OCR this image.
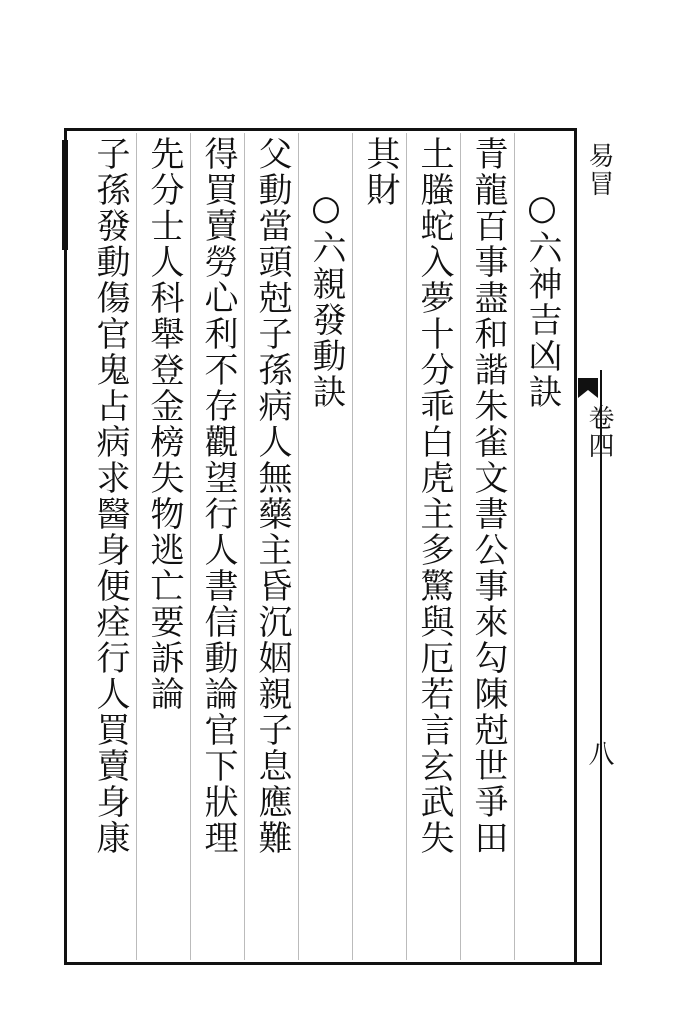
易冒
卷四
八
○六神吉凶訣
青龍百事盡和諧朱雀文書公事來勾陳尅世爭田
土螣蛇入夢十分乖白虎主多驚與厄若言玄武失
其財
○六親發動訣
父動當頭尅子孫病人無藥主昏沉姻親子息應難
得買賣勞心利不存觀望行人書信動論官下狀理
先分士人科舉登金榜失物逃亡要訴論
子孫發動傷官鬼占病求醫身便痊行人買賣身康
